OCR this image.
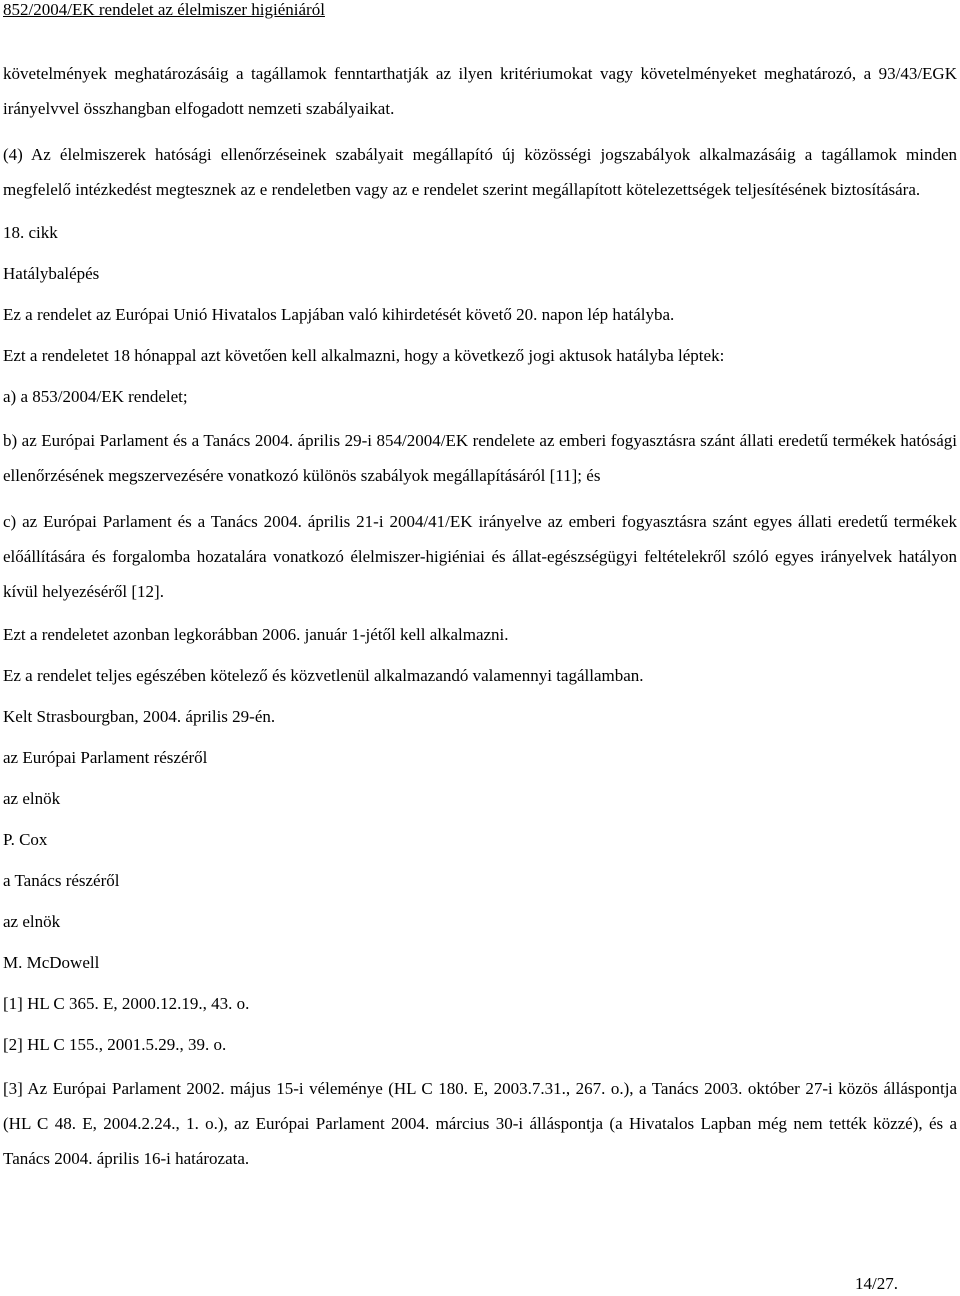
852/2004/EK rendelet az élelmiszer higiéniáról

követelmények meghatározásáig a tagállamok fenntarthatják az ilyen kritériumokat vagy követelményeket meghatározó, a 93/43/EGK irányelvvel összhangban elfogadott nemzeti szabályaikat.

(4) Az élelmiszerek hatósági ellenőrzéseinek szabályait megállapító új közösségi jogszabályok alkalmazásáig a tagállamok minden megfelelő intézkedést megtesznek az e rendeletben vagy az e rendelet szerint megállapított kötelezettségek teljesítésének biztosítására.

18. cikk

Hatálybalépés

Ez a rendelet az Európai Unió Hivatalos Lapjában való kihirdetését követő 20. napon lép hatályba.

Ezt a rendeletet 18 hónappal azt követően kell alkalmazni, hogy a következő jogi aktusok hatályba léptek:

a) a 853/2004/EK rendelet;

b) az Európai Parlament és a Tanács 2004. április 29-i 854/2004/EK rendelete az emberi fogyasztásra szánt állati eredetű termékek hatósági ellenőrzésének megszervezésére vonatkozó különös szabályok megállapításáról [11]; és

c) az Európai Parlament és a Tanács 2004. április 21-i 2004/41/EK irányelve az emberi fogyasztásra szánt egyes állati eredetű termékek előállítására és forgalomba hozatalára vonatkozó élelmiszer-higiéniai és állat-egészségügyi feltételekről szóló egyes irányelvek hatályon kívül helyezéséről [12].

Ezt a rendeletet azonban legkorábban 2006. január 1-jétől kell alkalmazni.

Ez a rendelet teljes egészében kötelező és közvetlenül alkalmazandó valamennyi tagállamban.

Kelt Strasbourgban, 2004. április 29-én.

az Európai Parlament részéről

az elnök

P. Cox

a Tanács részéről

az elnök

M. McDowell

[1] HL C 365. E, 2000.12.19., 43. o.

[2] HL C 155., 2001.5.29., 39. o.

[3] Az Európai Parlament 2002. május 15-i véleménye (HL C 180. E, 2003.7.31., 267. o.), a Tanács 2003. október 27-i közös álláspontja (HL C 48. E, 2004.2.24., 1. o.), az Európai Parlament 2004. március 30-i álláspontja (a Hivatalos Lapban még nem tették közzé), és a Tanács 2004. április 16-i határozata.

14/27.
